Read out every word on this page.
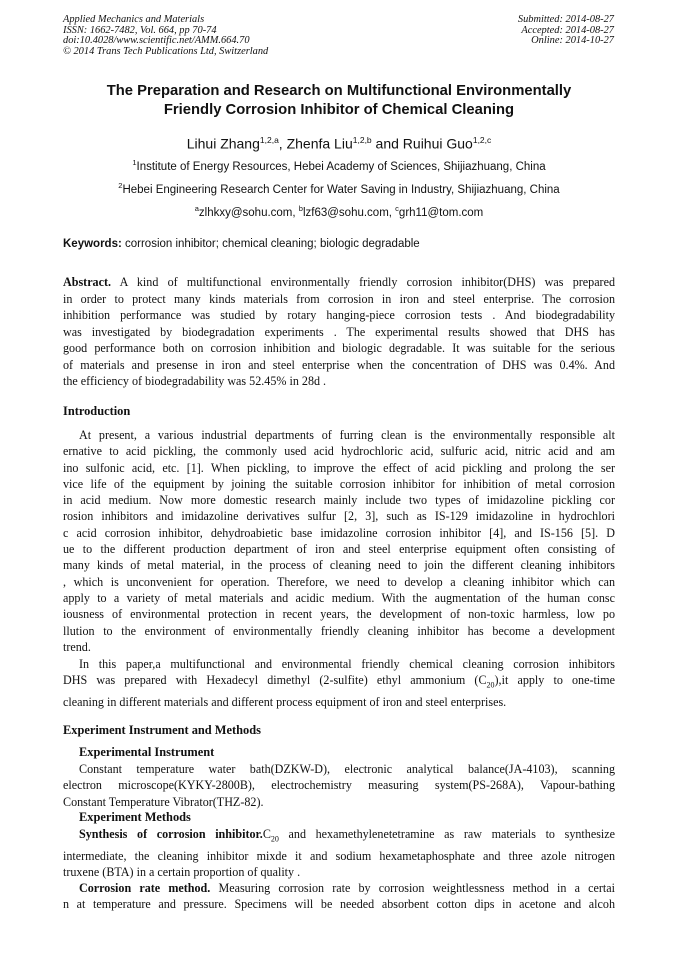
Applied Mechanics and Materials
ISSN: 1662-7482, Vol. 664, pp 70-74
doi:10.4028/www.scientific.net/AMM.664.70
© 2014 Trans Tech Publications Ltd, Switzerland
Submitted: 2014-08-27
Accepted: 2014-08-27
Online: 2014-10-27
The Preparation and Research on Multifunctional Environmentally
Friendly Corrosion Inhibitor of Chemical Cleaning
Lihui Zhang$^{1,2,a}$, Zhenfa Liu$^{1,2,b}$ and Ruihui Guo$^{1,2,c}$
$^1$Institute of Energy Resources, Hebei Academy of Sciences, Shijiazhuang, China
$^2$Hebei Engineering Research Center for Water Saving in Industry, Shijiazhuang, China
$^a$zlhkxy@sohu.com, $^b$lzf63@sohu.com, $^c$grh11@tom.com
Keywords: corrosion inhibitor; chemical cleaning; biologic degradable
Abstract. A kind of multifunctional environmentally friendly corrosion inhibitor(DHS) was prepared
in order to protect many kinds materials from corrosion in iron and steel enterprise. The corrosion
inhibition performance was studied by rotary hanging-piece corrosion tests . And biodegradability
was investigated by biodegradation experiments . The experimental results showed that DHS has
good performance both on corrosion inhibition and biologic degradable. It was suitable for the serious
of materials and presense in iron and steel enterprise when the concentration of DHS was 0.4%. And
the efficiency of biodegradability was 52.45% in 28d .
Introduction
At present, a various industrial departments of furring clean is the environmentally responsible alt
ernative to acid pickling, the commonly used acid hydrochloric acid, sulfuric acid, nitric acid and am
ino sulfonic acid, etc. [1]. When pickling, to improve the effect of acid pickling and prolong the ser
vice life of the equipment by joining the suitable corrosion inhibitor for inhibition of metal corrosion
in acid medium. Now more domestic research mainly include two types of imidazoline pickling cor
rosion inhibitors and imidazoline derivatives sulfur [2, 3], such as IS-129 imidazoline in hydrochlori
c acid corrosion inhibitor, dehydroabietic base imidazoline corrosion inhibitor [4], and IS-156 [5]. D
ue to the different production department of iron and steel enterprise equipment often consisting of
many kinds of metal material, in the process of cleaning need to join the different cleaning inhibitors
, which is unconvenient for operation. Therefore, we need to develop a cleaning inhibitor which can
apply to a variety of metal materials and acidic medium. With the augmentation of the human consc
iousness of environmental protection in recent years, the development of non-toxic harmless, low po
llution to the environment of environmentally friendly cleaning inhibitor has become a development
trend.
In this paper,a multifunctional and environmental friendly chemical cleaning corrosion inhibitors
DHS was prepared with Hexadecyl dimethyl (2-sulfite) ethyl ammonium $(C_{20}),it$ apply to one-time
cleaning in different materials and different process equipment of iron and steel enterprises.
Experiment Instrument and Methods
Experimental Instrument
Constant temperature water bath(DZKW-D), electronic analytical balance(JA-4103), scanning
electron microscope(KYKY-2800B), electrochemistry measuring system(PS-268A), Vapour-bathing
Constant Temperature Vibrator(THZ-82).
Experiment Methods
Synthesis of corrosion $inhibitor.C_{20}$ and hexamethylenetetramine as raw materials to synthesize
intermediate, the cleaning inhibitor mixde it and sodium hexametaphosphate and three azole nitrogen
truxene (BTA) in a certain proportion of quality .
Corrosion rate method. Measuring corrosion rate by corrosion weightlessness method in a certai
n at temperature and pressure. Specimens will be needed absorbent cotton dips in acetone and alcoh
